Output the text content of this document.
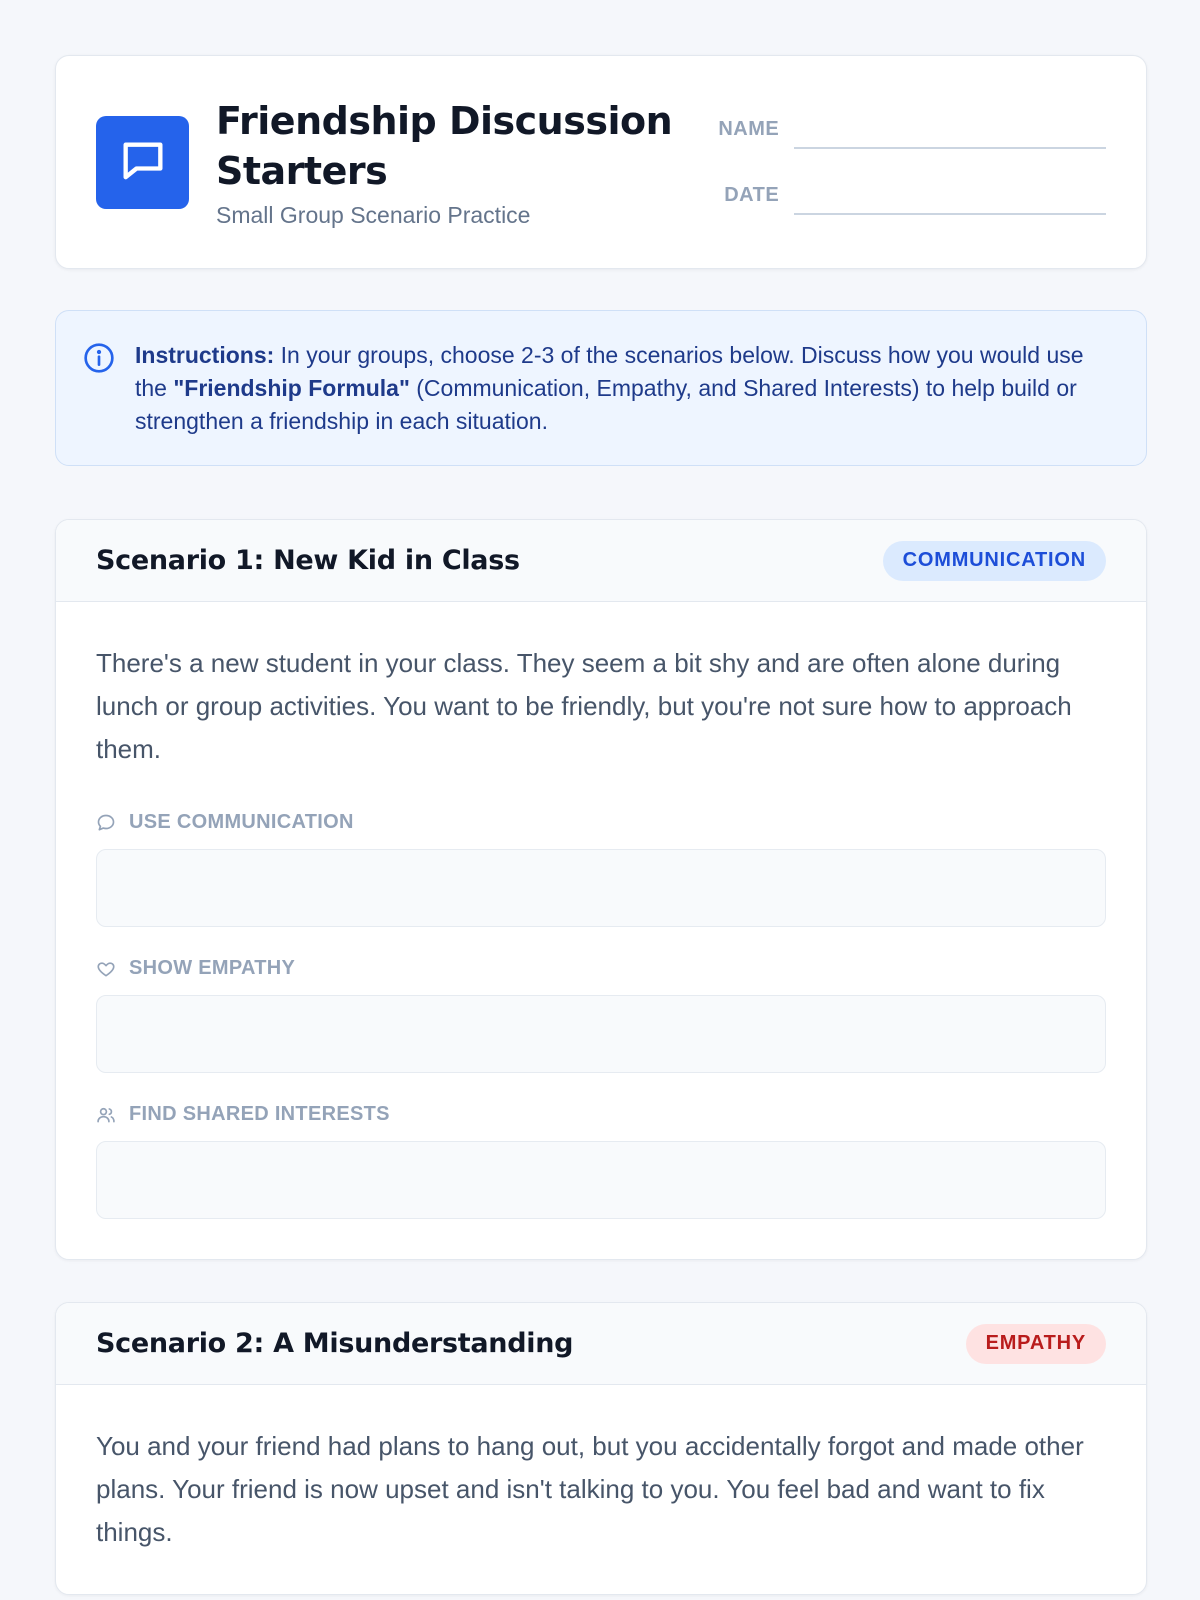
Friendship Discussion Starters
Small Group Scenario Practice
NAME
DATE
Instructions: In your groups, choose 2-3 of the scenarios below. Discuss how you would use the "Friendship Formula" (Communication, Empathy, and Shared Interests) to help build or strengthen a friendship in each situation.
Scenario 1: New Kid in Class	COMMUNICATION

There's a new student in your class. They seem a bit shy and are often alone during lunch or group activities. You want to be friendly, but you're not sure how to approach them.

USE COMMUNICATION
SHOW EMPATHY
FIND SHARED INTERESTS
Scenario 2: A Misunderstanding	EMPATHY

You and your friend had plans to hang out, but you accidentally forgot and made other plans. Your friend is now upset and isn't talking to you. You feel bad and want to fix things.
